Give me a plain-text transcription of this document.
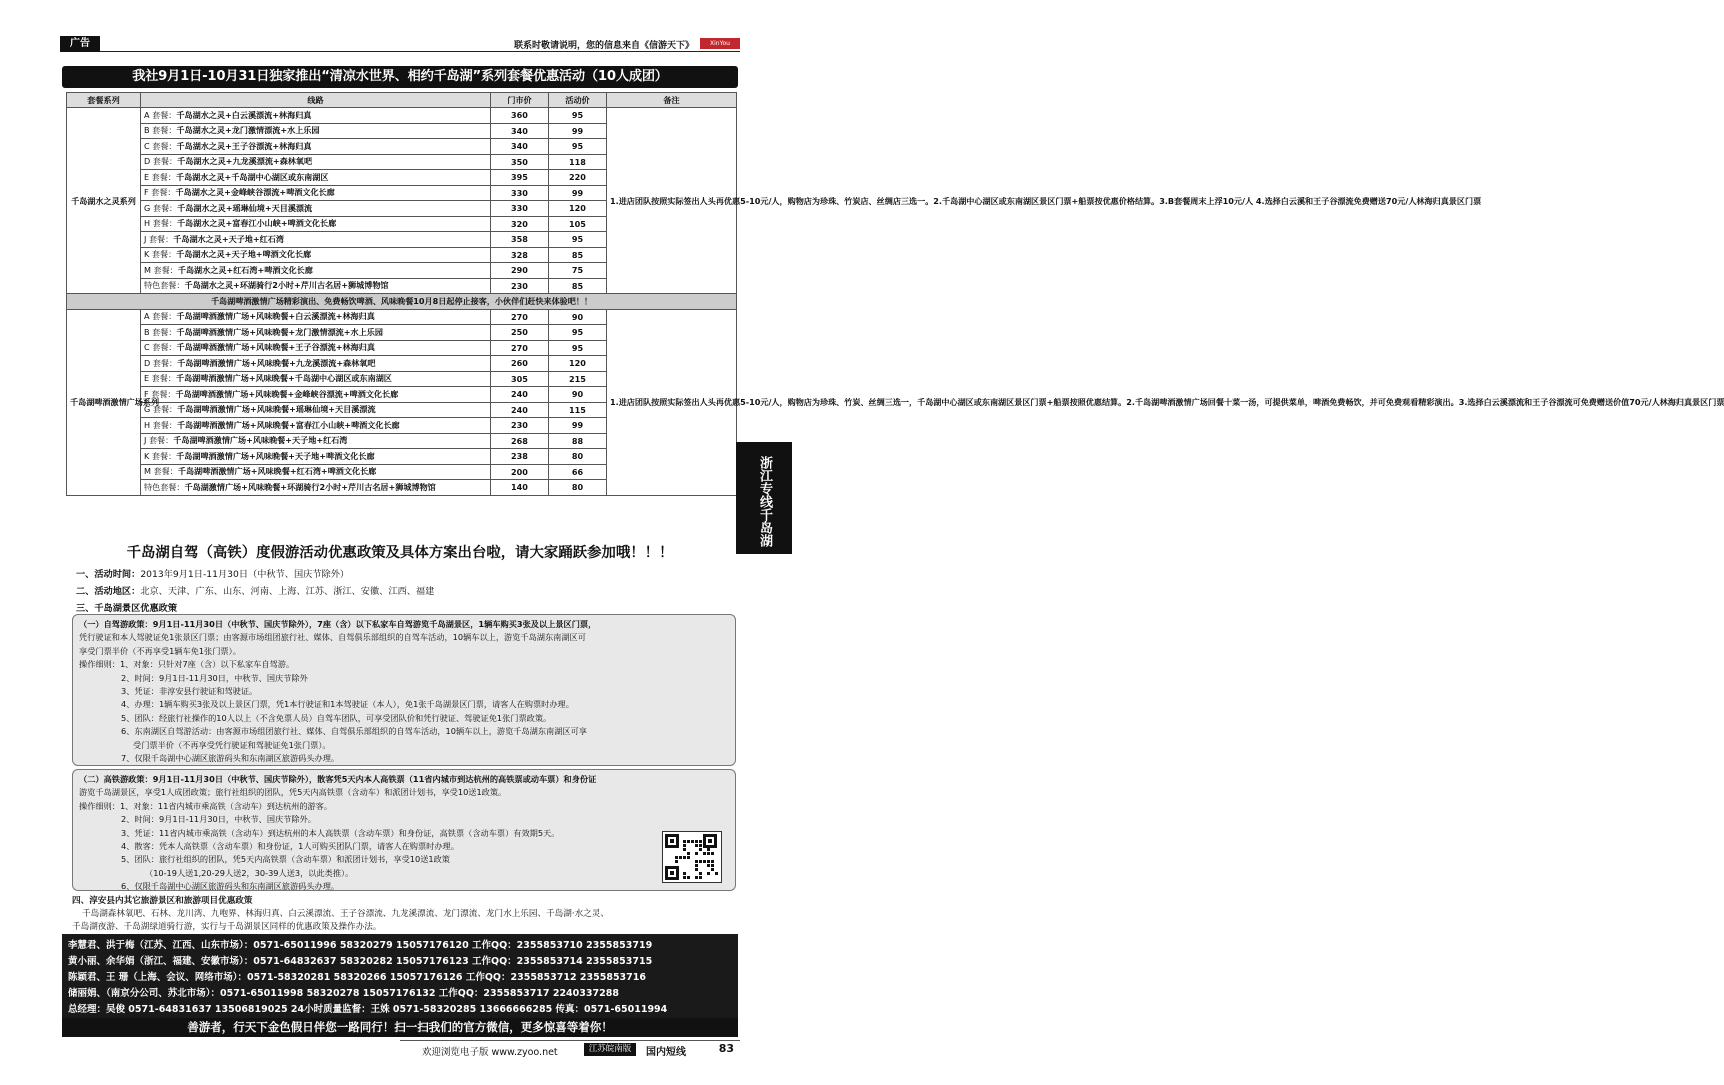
广告	联系时敬请说明，您的信息来自《信游天下》	XinYou
我社9月1日-10月31日独家推出“清凉水世界、相约千岛湖”系列套餐优惠活动（10人成团）
套餐系列	线路	门市价	活动价	备注
千岛湖水之灵系列	A 套餐：千岛湖水之灵+白云溪漂流+林海归真	360	95	1.进店团队按照实际签出人头再优惠5-10元/人，购物店为珍珠、竹炭店、丝绸店三选一。2.千岛湖中心湖区或东南湖区景区门票+船票按优惠价格结算。3.B套餐周末上浮10元/人 4.选择白云溪和王子谷漂流免费赠送70元/人林海归真景区门票
	B 套餐：千岛湖水之灵+龙门激情漂流+水上乐园	340	99	
	C 套餐：千岛湖水之灵+王子谷漂流+林海归真	340	95	
	D 套餐：千岛湖水之灵+九龙溪漂流+森林氧吧	350	118	
	E 套餐：千岛湖水之灵+千岛湖中心湖区或东南湖区	395	220	
	F 套餐：千岛湖水之灵+金峰峡谷漂流+啤酒文化长廊	330	99	
	G 套餐：千岛湖水之灵+瑶琳仙境+天目溪漂流	330	120	
	H 套餐：千岛湖水之灵+富春江小山峡+啤酒文化长廊	320	105	
	J 套餐：千岛湖水之灵+天子地+红石湾	358	95	
	K 套餐：千岛湖水之灵+天子地+啤酒文化长廊	328	85	
	M 套餐：千岛湖水之灵+红石湾+啤酒文化长廊	290	75	
	特色套餐：千岛湖水之灵+环湖骑行2小时+芹川古名居+狮城博物馆	230	85	
千岛湖啤酒激情广场精彩演出、免费畅饮啤酒、风味晚餐10月8日起停止接客，小伙伴们赶快来体验吧！！				
千岛湖啤酒激情广场系列	A 套餐：千岛湖啤酒激情广场+风味晚餐+白云溪漂流+林海归真	270	90	1.进店团队按照实际签出人头再优惠5-10元/人，购物店为珍珠、竹炭、丝绸三选一，千岛湖中心湖区或东南湖区景区门票+船票按照优惠结算。2.千岛湖啤酒激情广场回餐十菜一汤，可提供菜单，啤酒免费畅饮，并可免费观看精彩演出。3.选择白云溪漂流和王子谷漂流可免费赠送价值70元/人林海归真景区门票
	B 套餐：千岛湖啤酒激情广场+风味晚餐+龙门激情漂流+水上乐园	250	95	
	C 套餐：千岛湖啤酒激情广场+风味晚餐+王子谷漂流+林海归真	270	95	
	D 套餐：千岛湖啤酒激情广场+风味晚餐+九龙溪漂流+森林氧吧	260	120	
	E 套餐：千岛湖啤酒激情广场+风味晚餐+千岛湖中心湖区或东南湖区	305	215	
	F 套餐：千岛湖啤酒激情广场+风味晚餐+金峰峡谷漂流+啤酒文化长廊	240	90	
	G 套餐：千岛湖啤酒激情广场+风味晚餐+瑶琳仙境+天目溪漂流	240	115	
	H 套餐：千岛湖啤酒激情广场+风味晚餐+富春江小山峡+啤酒文化长廊	230	99	
	J 套餐：千岛湖啤酒激情广场+风味晚餐+天子地+红石湾	268	88	
	K 套餐：千岛湖啤酒激情广场+风味晚餐+天子地+啤酒文化长廊	238	80	
	M 套餐：千岛湖啤酒激情广场+风味晚餐+红石湾+啤酒文化长廊	200	66	
	特色套餐：千岛湖激情广场+风味晚餐+环湖骑行2小时+芹川古名居+狮城博物馆	140	80		浙江专线千岛湖
千岛湖自驾（高铁）度假游活动优惠政策及具体方案出台啦，请大家踊跃参加哦！！！
一、活动时间：2013年9月1日-11月30日（中秋节、国庆节除外）
二、活动地区：北京、天津、广东、山东、河南、上海、江苏、浙江、安徽、江西、福建
三、千岛湖景区优惠政策
（一）自驾游政策：9月1日-11月30日（中秋节、国庆节除外），7座（含）以下私家车自驾游览千岛湖景区，1辆车购买3张及以上景区门票，
凭行驶证和本人驾驶证免1张景区门票；由客源市场组团旅行社、媒体、自驾俱乐部组织的自驾车活动，10辆车以上，游览千岛湖东南湖区可
享受门票半价（不再享受1辆车免1张门票）。
操作细则：1、对象：只针对7座（含）以下私家车自驾游。
2、时间：9月1日-11月30日，中秋节、国庆节除外
3、凭证：非淳安县行驶证和驾驶证。
4、办理：1辆车购买3张及以上景区门票，凭1本行驶证和1本驾驶证（本人），免1张千岛湖景区门票，请客人在购票时办理。
5、团队：经旅行社操作的10人以上（不含免票人员）自驾车团队，可享受团队价和凭行驶证、驾驶证免1张门票政策。
6、东南湖区自驾游活动：由客源市场组团旅行社、媒体、自驾俱乐部组织的自驾车活动，10辆车以上，游览千岛湖东南湖区可享
受门票半价（不再享受凭行驶证和驾驶证免1张门票）。
7、仅限千岛湖中心湖区旅游码头和东南湖区旅游码头办理。
（二）高铁游政策：9月1日-11月30日（中秋节、国庆节除外），散客凭5天内本人高铁票（11省内城市到达杭州的高铁票或动车票）和身份证
游览千岛湖景区，享受1人成团政策；旅行社组织的团队，凭5天内高铁票（含动车）和派团计划书，享受10送1政策。
操作细则：1、对象：11省内城市乘高铁（含动车）到达杭州的游客。
2、时间：9月1日-11月30日，中秋节、国庆节除外。
3、凭证：11省内城市乘高铁（含动车）到达杭州的本人高铁票（含动车票）和身份证，高铁票（含动车票）有效期5天。
4、散客：凭本人高铁票（含动车票）和身份证，1人可购买团队门票，请客人在购票时办理。
5、团队：旅行社组织的团队，凭5天内高铁票（含动车票）和派团计划书，享受10送1政策
（10-19人送1,20-29人送2，30-39人送3，以此类推）。
6、仅限千岛湖中心湖区旅游码头和东南湖区旅游码头办理。
四、淳安县内其它旅游景区和旅游项目优惠政策
千岛湖森林氧吧、石林、龙川湾、九咆界、林海归真、白云溪漂流、王子谷漂流、九龙溪漂流、龙门漂流、龙门水上乐园、千岛湖·水之灵、
千岛湖夜游、千岛湖绿道骑行游，实行与千岛湖景区同样的优惠政策及操作办法。
李慧君、洪于梅（江苏、江西、山东市场）：0571-65011996 58320279 15057176120 工作QQ：2355853710 2355853719
黄小丽、余华娟（浙江、福建、安徽市场）：0571-64832637 58320282 15057176123 工作QQ：2355853714 2355853715
陈颖君、王 珊（上海、会议、网络市场）：0571-58320281 58320266 15057176126 工作QQ：2355853712 2355853716
储丽娟、（南京分公司、苏北市场）：0571-65011998 58320278 15057176132 工作QQ：2355853717 2240337288
总经理：吴俊 0571-64831637 13506819025 24小时质量监督：王姝 0571-58320285 13666666285 传真：0571-65011994
善游者，行天下金色假日伴您一路同行！扫一扫我们的官方微信，更多惊喜等着你！
欢迎浏览电子版 www.zyoo.net	江苏皖南版	国内短线	83
